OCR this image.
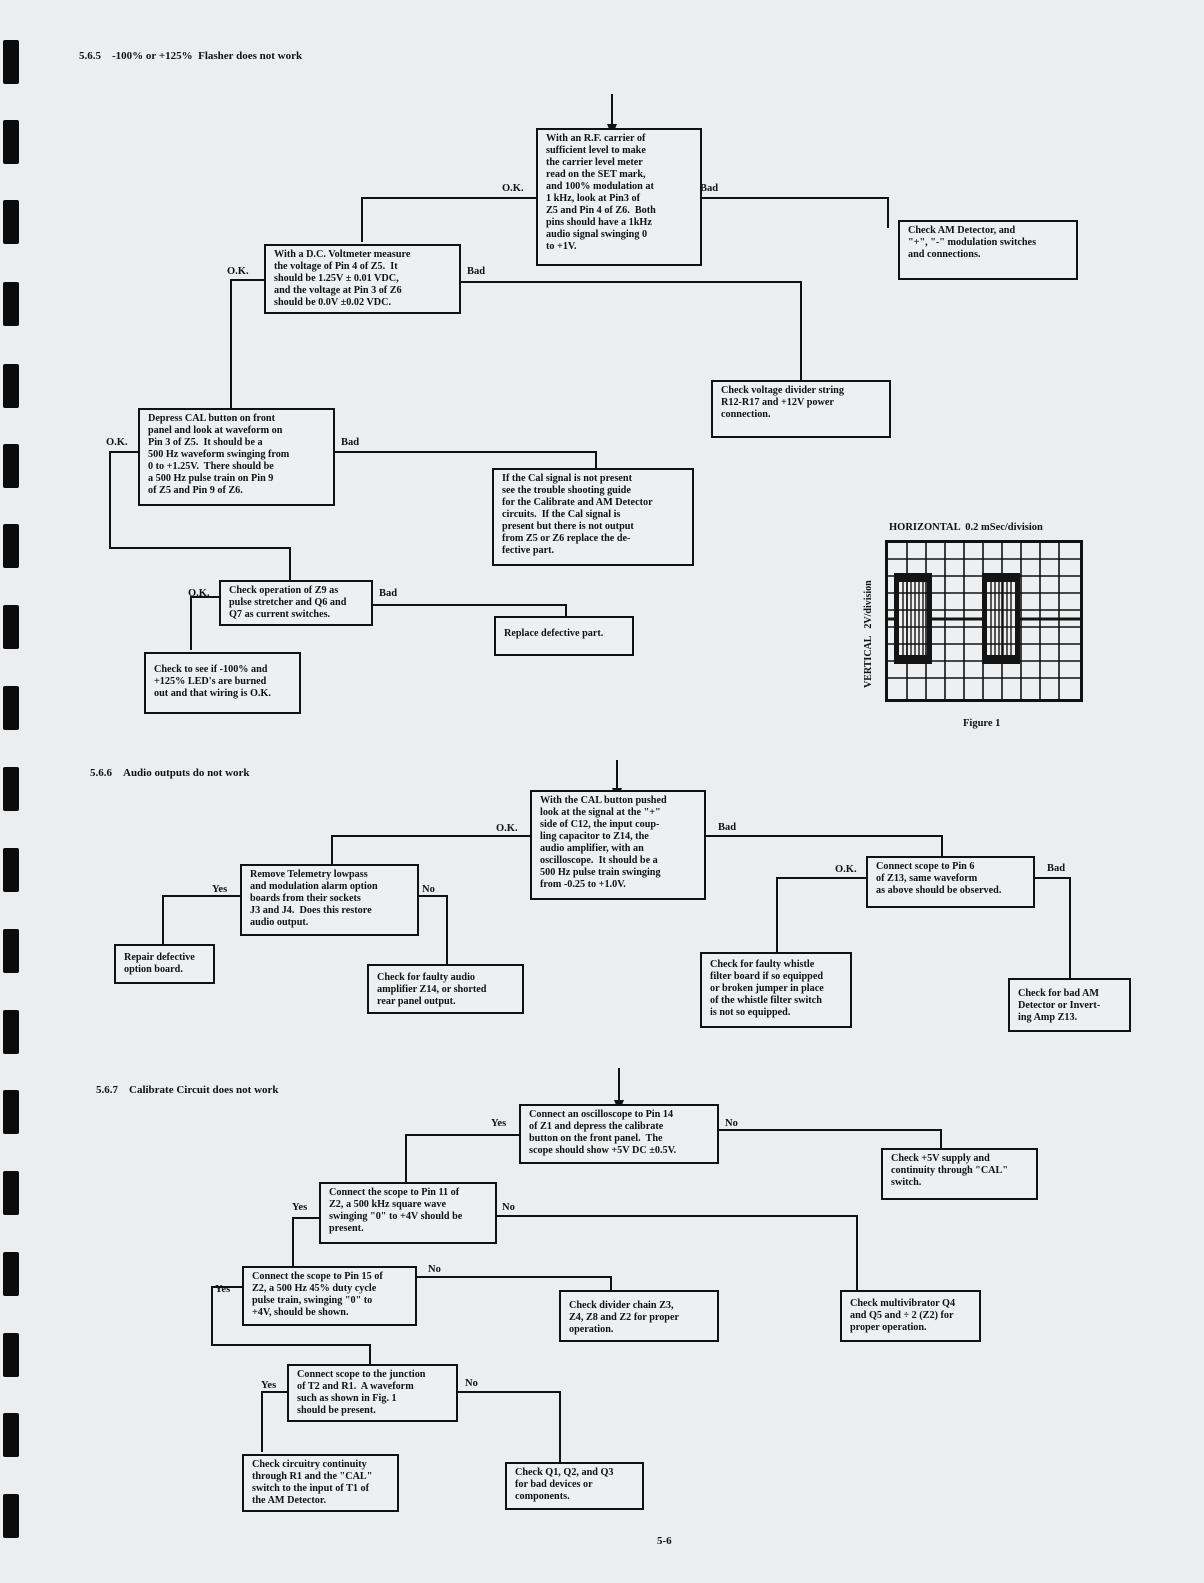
5.6.5 -100% or +125%  Flasher does not work
5.6.6 Audio outputs do not work
5.6.7 Calibrate Circuit does not work
With an R.F. carrier of
sufficient level to make
the carrier level meter
read on the SET mark,
and 100% modulation at
1 kHz, look at Pin3 of
Z5 and Pin 4 of Z6.  Both
pins should have a 1kHz
audio signal swinging 0
to +1V.
Check AM Detector, and
"+", "-" modulation switches
and connections.
With a D.C. Voltmeter measure
the voltage of Pin 4 of Z5.  It
should be 1.25V ± 0.01 VDC,
and the voltage at Pin 3 of Z6
should be 0.0V ±0.02 VDC.
Check voltage divider string
R12-R17 and +12V power
connection.
Depress CAL button on front
panel and look at waveform on
Pin 3 of Z5.  It should be a
500 Hz waveform swinging from
0 to +1.25V.  There should be
a 500 Hz pulse train on Pin 9
of Z5 and Pin 9 of Z6.
If the Cal signal is not present
see the trouble shooting guide
for the Calibrate and AM Detector
circuits.  If the Cal signal is
present but there is not output
from Z5 or Z6 replace the de-
fective part.
Check operation of Z9 as
pulse stretcher and Q6 and
Q7 as current switches.
Replace defective part.
Check to see if -100% and
+125% LED's are burned
out and that wiring is O.K.
O.K.	Bad
O.K.	Bad
O.K.	Bad
O.K.	Bad
HORIZONTAL  0.2 mSec/division
VERTICAL   2V/division
Figure 1
With the CAL button pushed
look at the signal at the "+"
side of C12, the input coup-
ling capacitor to Z14, the
audio amplifier, with an
oscilloscope.  It should be a
500 Hz pulse train swinging
from -0.25 to +1.0V.
Remove Telemetry lowpass
and modulation alarm option
boards from their sockets
J3 and J4.  Does this restore
audio output.
Repair defective
option board.
Check for faulty audio
amplifier Z14, or shorted
rear panel output.
Connect scope to Pin 6
of Z13, same waveform
as above should be observed.
Check for faulty whistle
filter board if so equipped
or broken jumper in place
of the whistle filter switch
is not so equipped.
Check for bad AM
Detector or Invert-
ing Amp Z13.
O.K.	Bad
Yes	No
O.K.	Bad
Connect an oscilloscope to Pin 14
of Z1 and depress the calibrate
button on the front panel.  The
scope should show +5V DC ±0.5V.
Check +5V supply and
continuity through "CAL"
switch.
Connect the scope to Pin 11 of
Z2, a 500 kHz square wave
swinging "0" to +4V should be
present.
Connect the scope to Pin 15 of
Z2, a 500 Hz 45% duty cycle
pulse train, swinging "0" to
+4V, should be shown.
Check divider chain Z3,
Z4, Z8 and Z2 for proper
operation.
Check multivibrator Q4
and Q5 and ÷ 2 (Z2) for
proper operation.
Connect scope to the junction
of T2 and R1.  A waveform
such as shown in Fig. 1
should be present.
Check circuitry continuity
through R1 and the "CAL"
switch to the input of T1 of
the AM Detector.
Check Q1, Q2, and Q3
for bad devices or
components.
Yes	No
Yes	No
No
Yes
Yes	No
5-6
